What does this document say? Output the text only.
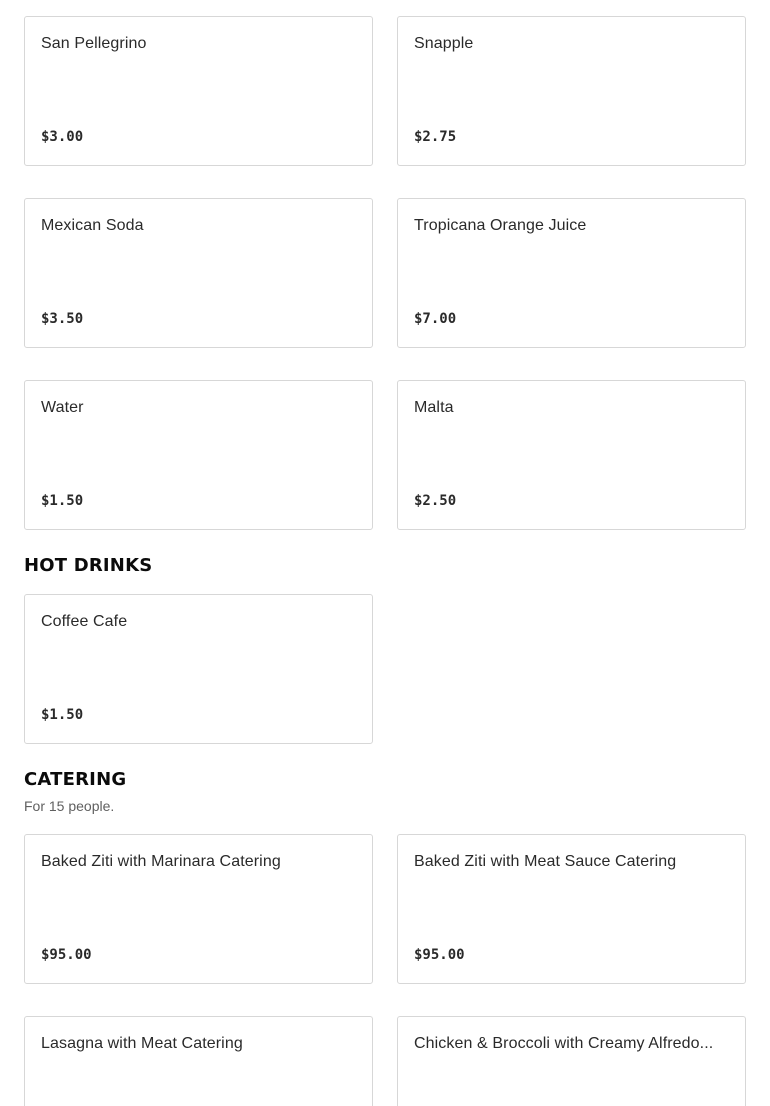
San Pellegrino
$3.00
Snapple
$2.75
Mexican Soda
$3.50
Tropicana Orange Juice
$7.00
Water
$1.50
Malta
$2.50
HOT DRINKS
Coffee Cafe
$1.50
CATERING
For 15 people.
Baked Ziti with Marinara Catering
$95.00
Baked Ziti with Meat Sauce Catering
$95.00
Lasagna with Meat Catering	Chicken & Broccoli with Creamy Alfredo...
